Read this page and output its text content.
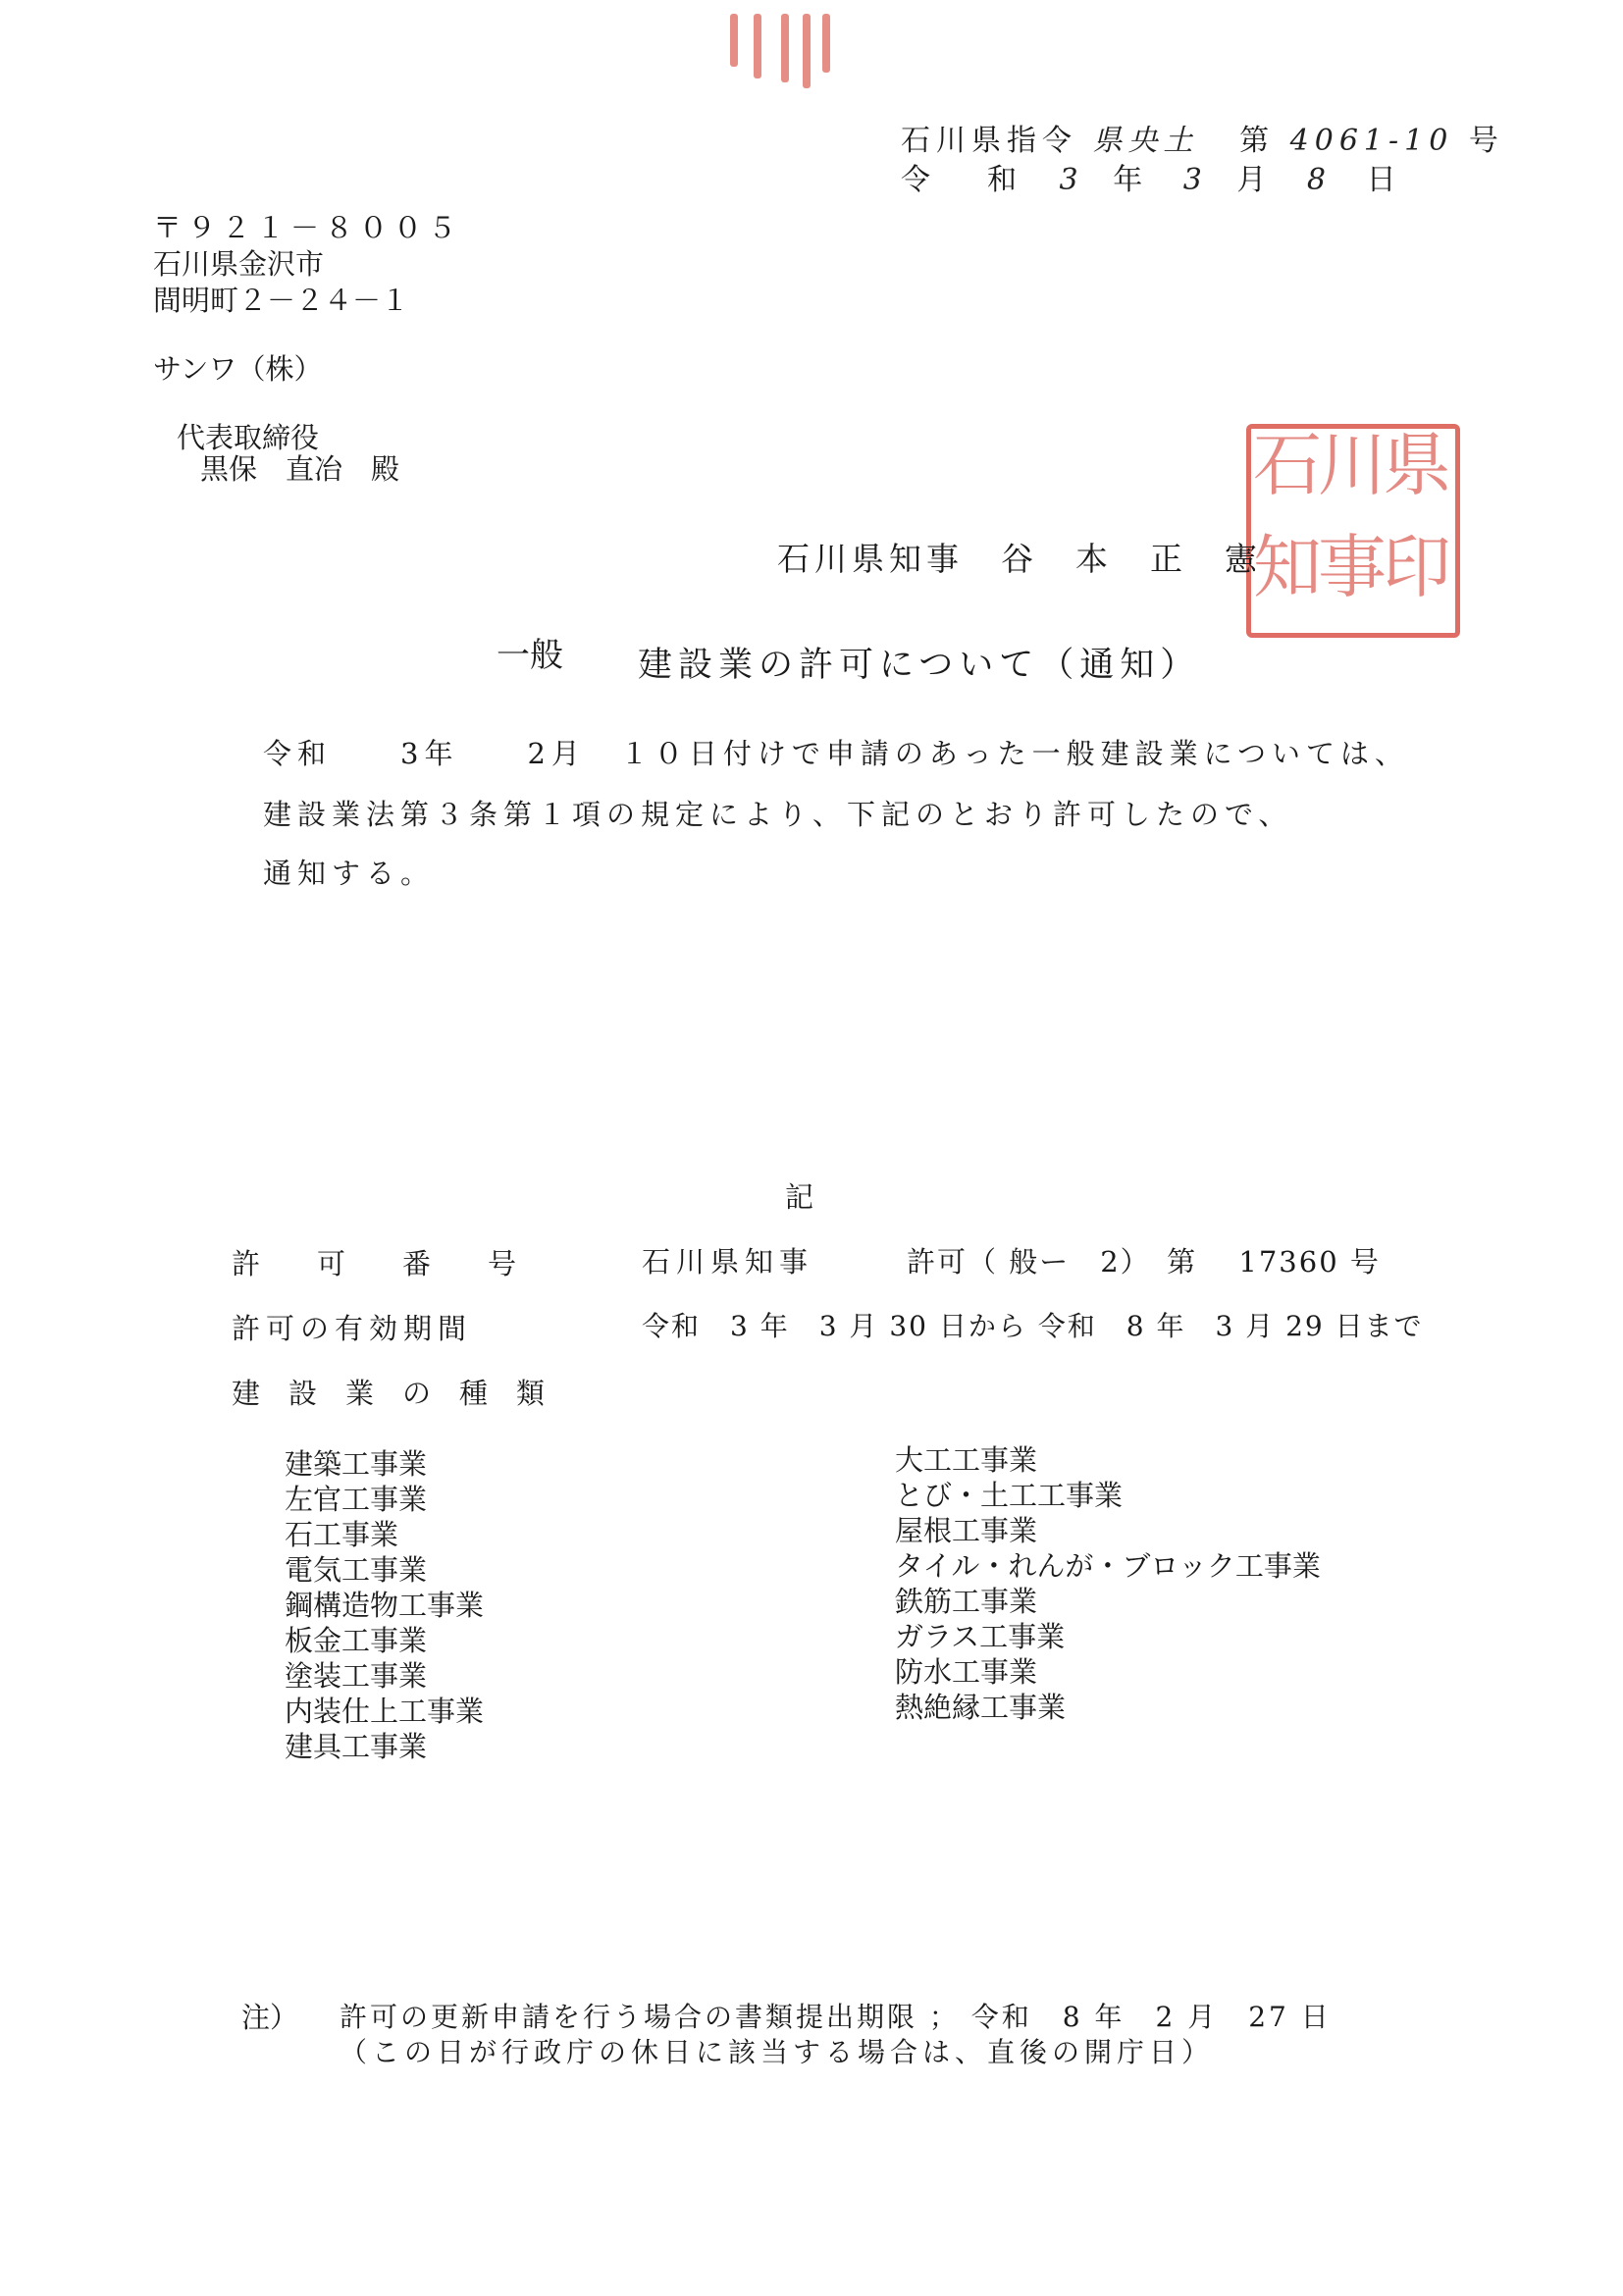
石川県指令 県央土 第 4061-10 号
令　和 3 年 3 月 8 日
〒９２１－８００５
石川県金沢市
間明町２－２４－１
サンワ（株）
代表取締役
黒保　直冶　殿	県
川
石
印
事
知
石川県知事　谷　本　正　憲
一般 建設業の許可について（通知）
令和　　3年　　2月　１０日付けで申請のあった一般建設業については、
建設業法第３条第１項の規定により、下記のとおり許可したので、
通知する。
記
許　　可　　番　　号	石川県知事	許可（ 般ー　2）　第　 17360 号
許可の有効期間	令和　3 年　3 月 30 日から 令和　8 年　3 月 29 日まで
建　設　業　の　種　類
建築工事業
左官工事業
石工事業
電気工事業
鋼構造物工事業
板金工事業
塗装工事業
内装仕上工事業
建具工事業
大工工事業
とび・土工工事業
屋根工事業
タイル・れんが・ブロック工事業
鉄筋工事業
ガラス工事業
防水工事業
熱絶縁工事業
注） 許可の更新申請を行う場合の書類提出期限 ； 令和　8 年　2 月　27 日
（この日が行政庁の休日に該当する場合は、直後の開庁日）
